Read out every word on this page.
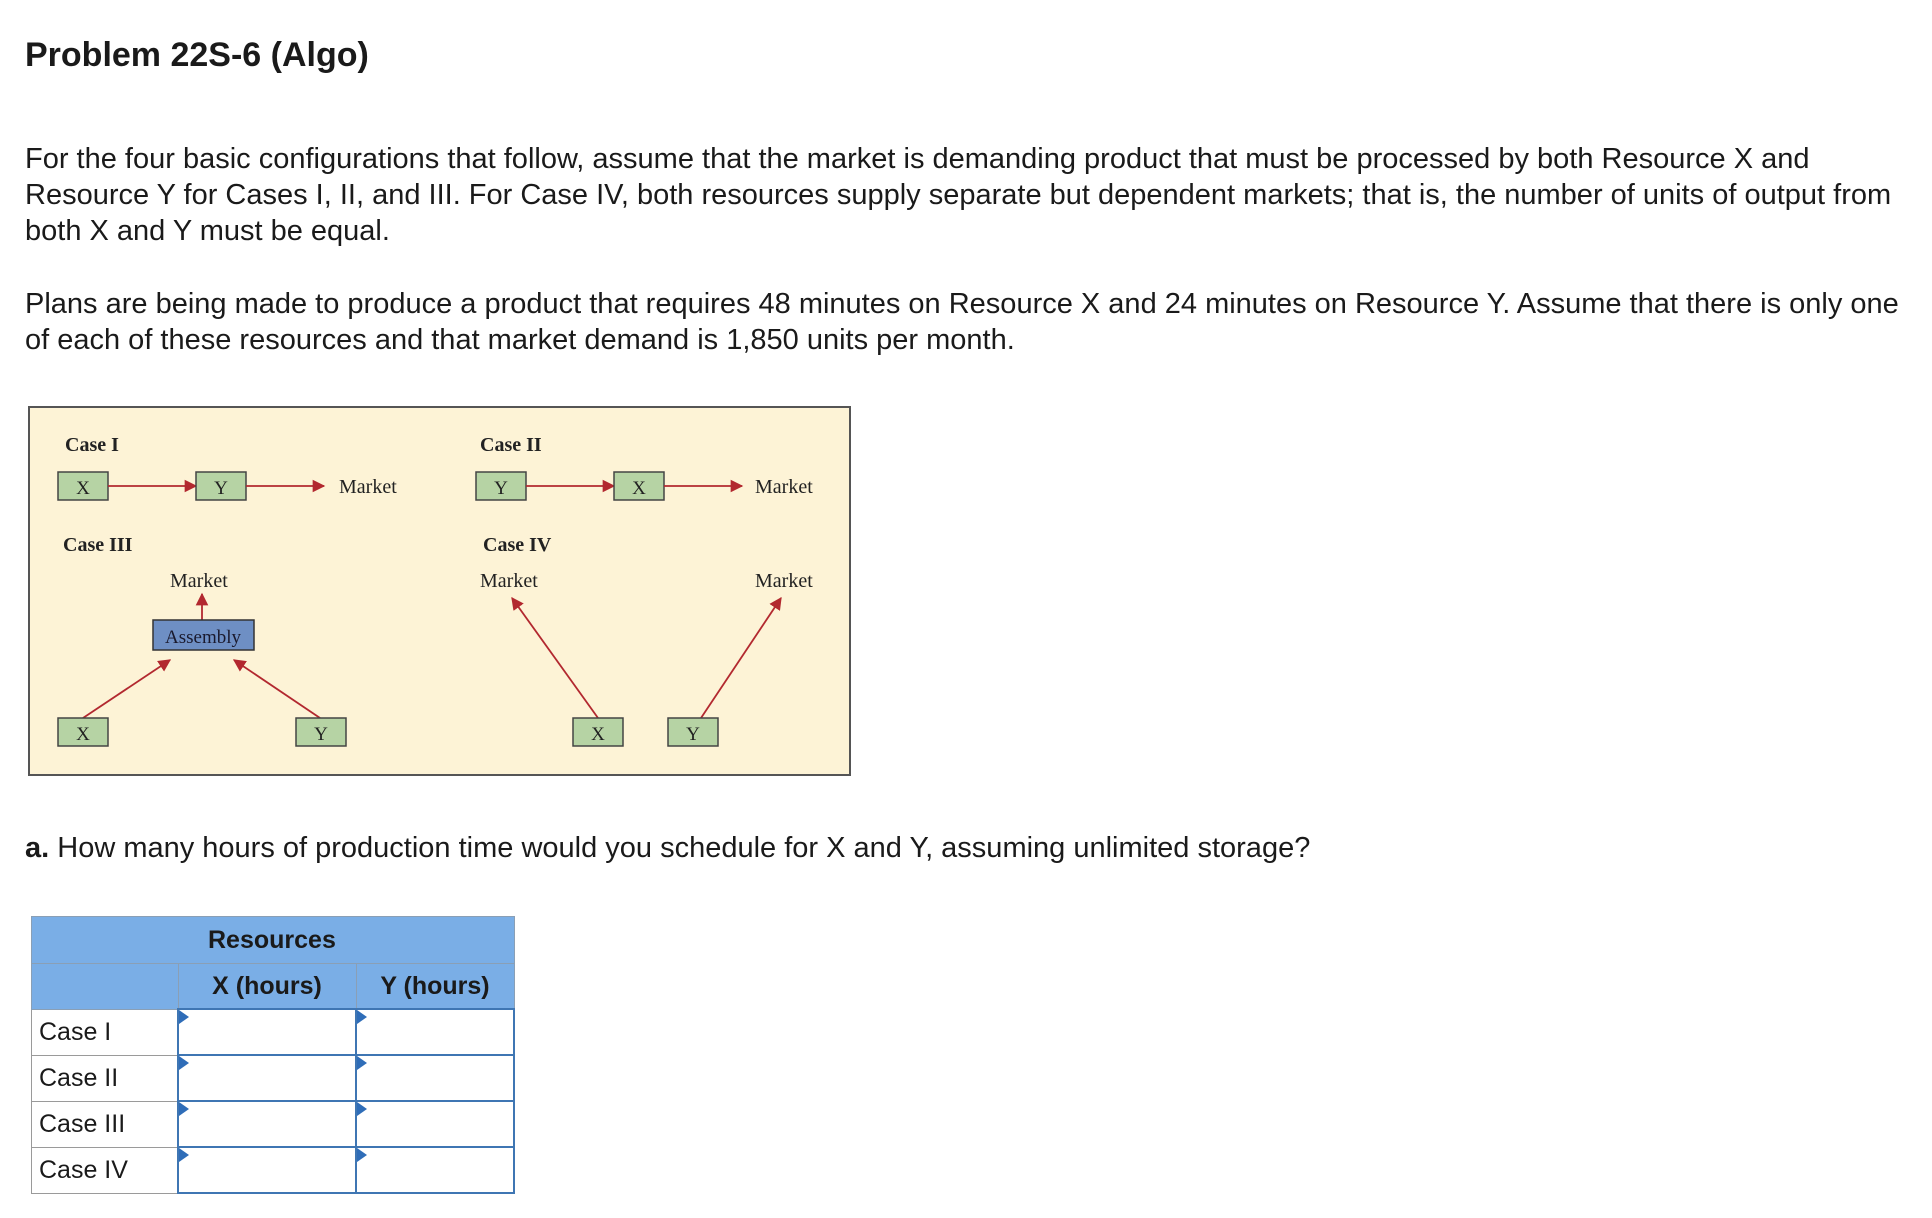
Problem 22S-6 (Algo)
For the four basic configurations that follow, assume that the market is demanding product that must be processed by both Resource X and Resource Y for Cases I, II, and III. For Case IV, both resources supply separate but dependent markets; that is, the number of units of output from both X and Y must be equal.
Plans are being made to produce a product that requires 48 minutes on Resource X and 24 minutes on Resource Y. Assume that there is only one of each of these resources and that market demand is 1,850 units per month.
Case I
X	Y	Market
Case II
Y	X	Market
Case III
Market
Assembly
X	Y
Case IV
Market	Market
X	Y
a. How many hours of production time would you schedule for X and Y, assuming unlimited storage?
	Resources	
	X (hours)	Y (hours)
Case I	

Case II	

Case III	

Case IV	
